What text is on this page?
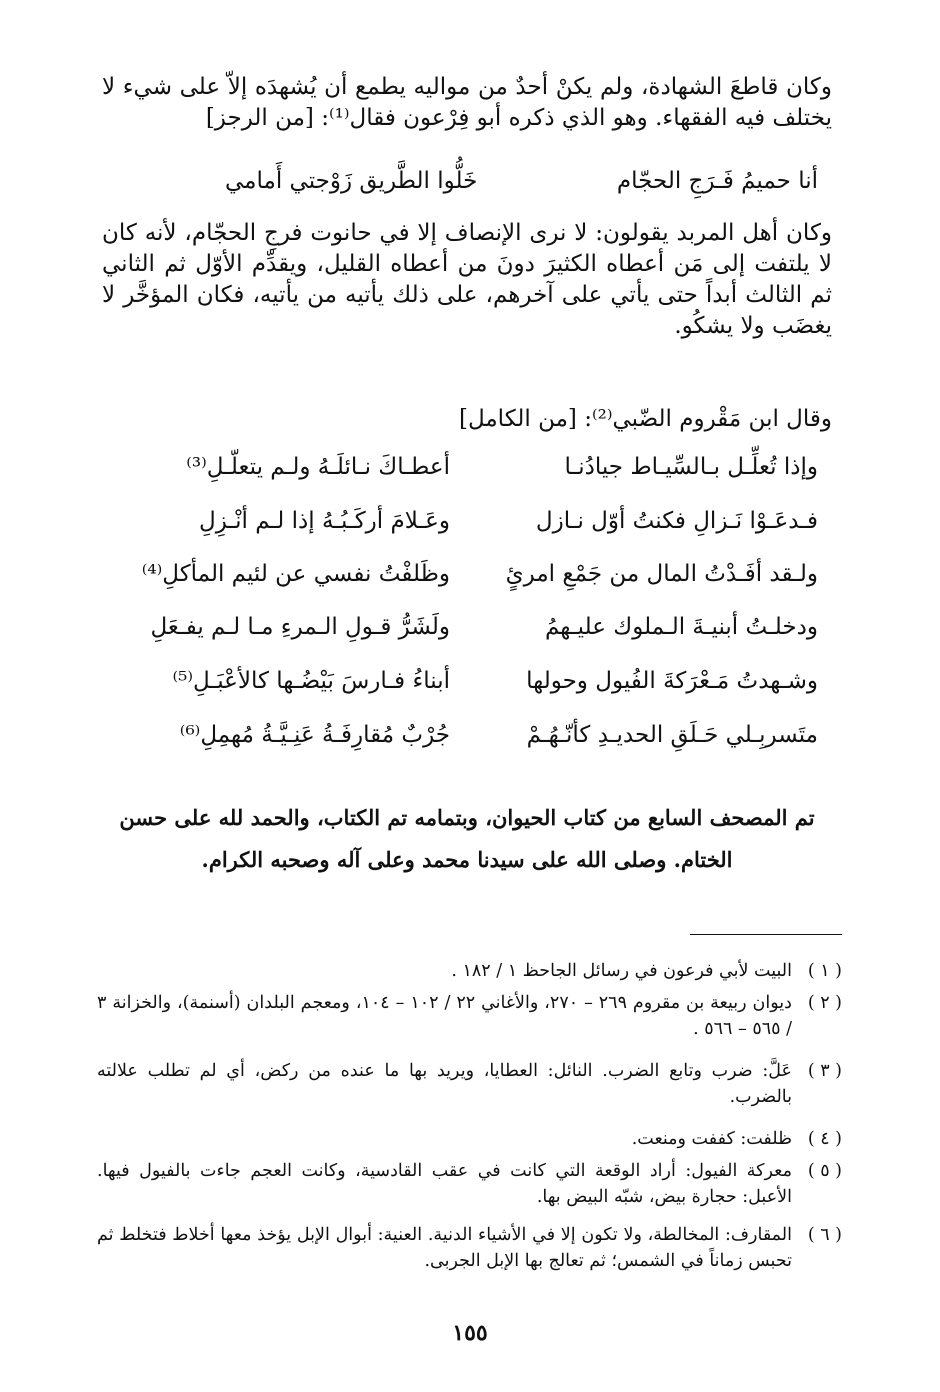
وكان قاطعَ الشهادة، ولم يكنْ أحدٌ من مواليه يطمع أن يُشهدَه إلاّ على شيء لا يختلف فيه الفقهاء. وهو الذي ذكره أبو فِرْعون فقال⁽¹⁾: [من الرجز]
أنا حميمُ فَـرَجِ الحجّام
خَلُّوا الطَّريق زَوْجتي أَمامي
وكان أهل المربد يقولون: لا نرى الإنصاف إلا في حانوت فرجِ الحجّام، لأنه كان لا يلتفت إلى مَن أعطاه الكثيرَ دونَ من أعطاه القليل، ويقدِّم الأوّل ثم الثاني ثم الثالث أبداً حتى يأتي على آخرهم، على ذلك يأتيه من يأتيه، فكان المؤخَّر لا يغضَب ولا يشكُو.
وقال ابن مَقْروم الضّبي⁽²⁾: [من الكامل]
وإذا تُعلِّـل بـالسِّيـاط جيادُنـا
أعطـاكَ نـائلَـهُ ولـم يتعلّـلِ⁽³⁾
فـدعَـوْا نَـزالِ فكنتُ أوّل نـازل
وعَـلامَ أركَـبُـهُ إذا لـم أنْـزِلِ
ولـقد أفَـدْتُ المال من جَمْعِ امرئٍ
وظَلفْتُ نفسي عن لئيم المأكلِ⁽⁴⁾
ودخلـتُ أبنيـةَ الـملوك عليـهمُ
ولَشَرُّ قـولِ الـمرءِ مـا لـم يفـعَلِ
وشـهدتُ مَـعْرَكةَ الفُيول وحولها
أبناءُ فـارسَ بَيْضُـها كالأعْبَـلِ⁽⁵⁾
متَسربِـلي حَـلَقِ الحديـدِ كأنّـهُـمْ
جُرْبٌ مُقارِفَـةُ عَنِـيَّـةُ مُهمِلِ⁽⁶⁾
تم المصحف السابع من كتاب الحيوان، وبتمامه تم الكتاب، والحمد لله على حسن
الختام. وصلى الله على سيدنا محمد وعلى آله وصحبه الكرام.
( ١ )
البيت لأبي فرعون في رسائل الجاحظ ١ / ١٨٢ .
( ٢ )
ديوان ربيعة بن مقروم ٢٦٩ – ٢٧٠، والأغاني ٢٢ / ١٠٢ – ١٠٤، ومعجم البلدان (أسنمة)، والخزانة ٣ / ٥٦٥ – ٥٦٦ .
( ٣ )
عَلَّ: ضرب وتابع الضرب. النائل: العطايا، ويريد بها ما عنده من ركض، أي لم تطلب علالته بالضرب.
( ٤ )
ظلفت: كففت ومنعت.
( ٥ )
معركة الفيول: أراد الوقعة التي كانت في عقب القادسية، وكانت العجم جاءت بالفيول فيها. الأعبل: حجارة بيض، شبّه البيض بها.
( ٦ )
المقارف: المخالطة، ولا تكون إلا في الأشياء الدنية. العنية: أبوال الإبل يؤخذ معها أخلاط فتخلط ثم تحبس زماناً في الشمس؛ ثم تعالج بها الإبل الجربى.
١٥٥
